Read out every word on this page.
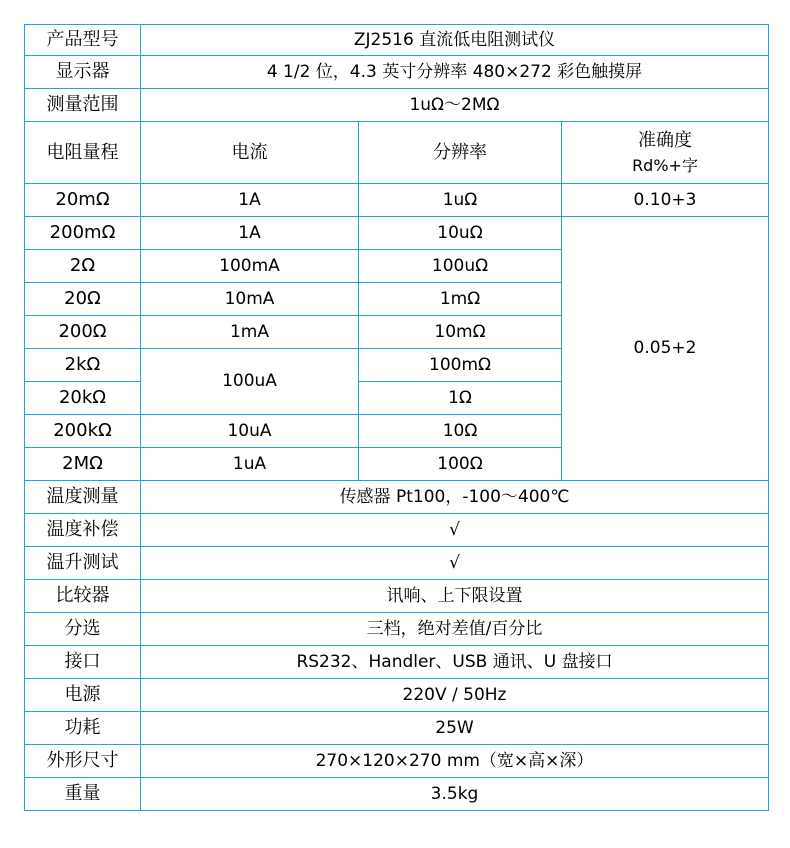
产品型号	ZJ2516 直流低电阻测试仪		
显示器	4 1/2 位，4.3 英寸分辨率 480×272 彩色触摸屏		
测量范围	1uΩ～2MΩ		
电阻量程	电流	分辨率	准确度
Rd%+字

20mΩ	1A	1uΩ	0.10+3
200mΩ	1A	10uΩ	0.05+2
2Ω	100mA	100uΩ	
20Ω	10mA	1mΩ	
200Ω	1mA	10mΩ	
2kΩ	100uA	100mΩ	
20kΩ		1Ω	
200kΩ	10uA	10Ω	
2MΩ	1uA	100Ω	
温度测量	传感器 Pt100，-100～400℃		
温度补偿	√		
温升测试	√		
比较器	讯响、上下限设置		
分选	三档，绝对差值/百分比		
接口	RS232、Handler、USB 通讯、U 盘接口		
电源	220V / 50Hz		
功耗	25W		
外形尺寸	270×120×270 mm（宽×高×深）		
重量	3.5kg		
